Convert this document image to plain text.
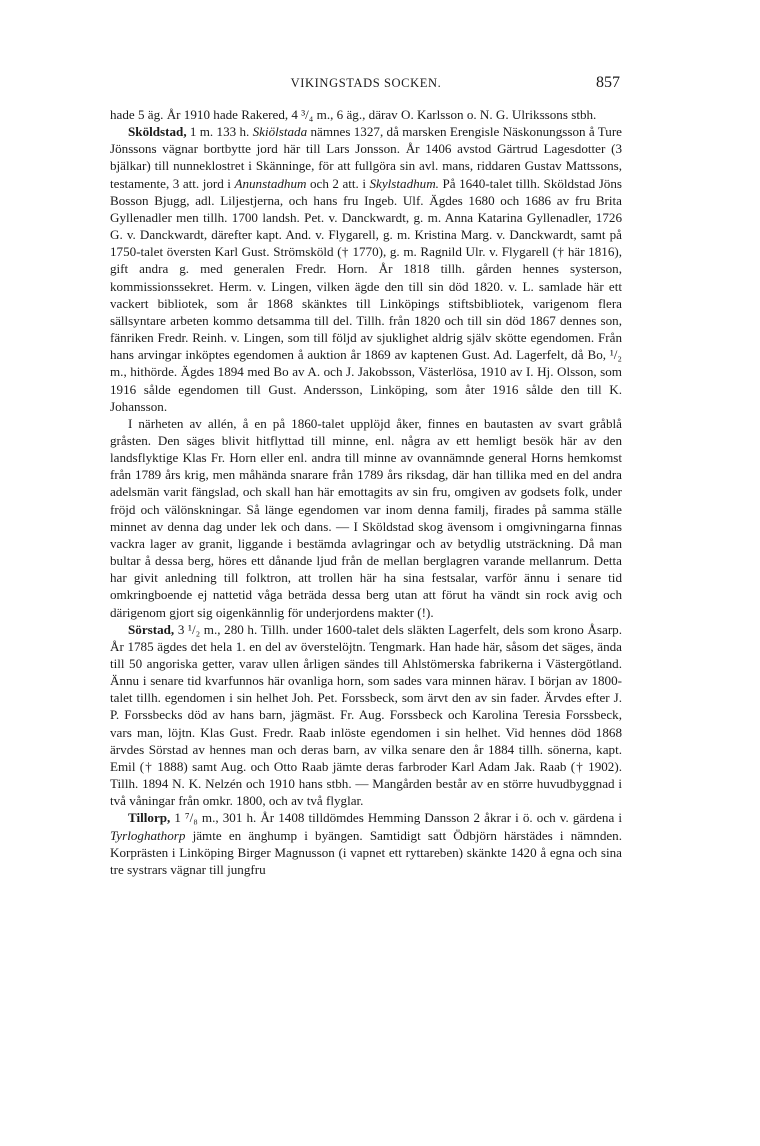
VIKINGSTADS SOCKEN.	857

hade 5 äg. År 1910 hade Rakered, 4 ³/₄ m., 6 äg., därav O. Karlsson o. N. G. Ulrikssons stbh.

Sköldstad, 1 m. 133 h. Skiölstada nämnes 1327, då marsken Erengisle Näskonungsson å Ture Jönssons vägnar bortbytte jord här till Lars Jonsson. År 1406 avstod Gärtrud Lagesdotter (3 bjälkar) till nunneklostret i Skänninge, för att fullgöra sin avl. mans, riddaren Gustav Mattssons, testamente, 3 att. jord i Anunstadhum och 2 att. i Skylstadhum. På 1640-talet tillh. Sköldstad Jöns Bosson Bjugg, adl. Liljestjerna, och hans fru Ingeb. Ulf. Ägdes 1680 och 1686 av fru Brita Gyllenadler men tillh. 1700 landsh. Pet. v. Danckwardt, g. m. Anna Katarina Gyllenadler, 1726 G. v. Danckwardt, därefter kapt. And. v. Flygarell, g. m. Kristina Marg. v. Danckwardt, samt på 1750-talet översten Karl Gust. Strömsköld († 1770), g. m. Ragnild Ulr. v. Flygarell († här 1816), gift andra g. med generalen Fredr. Horn. År 1818 tillh. gården hennes systerson, kommissionssekret. Herm. v. Lingen, vilken ägde den till sin död 1820. v. L. samlade här ett vackert bibliotek, som år 1868 skänktes till Linköpings stiftsbibliotek, varigenom flera sällsyntare arbeten kommo detsamma till del. Tillh. från 1820 och till sin död 1867 dennes son, fänriken Fredr. Reinh. v. Lingen, som till följd av sjuklighet aldrig själv skötte egendomen. Från hans arvingar inköptes egendomen å auktion år 1869 av kaptenen Gust. Ad. Lagerfelt, då Bo, ¹/₂ m., hithörde. Ägdes 1894 med Bo av A. och J. Jakobsson, Västerlösa, 1910 av I. Hj. Olsson, som 1916 sålde egendomen till Gust. Andersson, Linköping, som åter 1916 sålde den till K. Johansson.

I närheten av allén, å en på 1860-talet upplöjd åker, finnes en bautasten av svart gråblå gråsten. Den säges blivit hitflyttad till minne, enl. några av ett hemligt besök här av den landsflyktige Klas Fr. Horn eller enl. andra till minne av ovannämnde general Horns hemkomst från 1789 års krig, men måhända snarare från 1789 års riksdag, där han tillika med en del andra adelsmän varit fängslad, och skall han här emottagits av sin fru, omgiven av godsets folk, under fröjd och välönskningar. Så länge egendomen var inom denna familj, firades på samma ställe minnet av denna dag under lek och dans. — I Sköldstad skog ävensom i omgivningarna finnas vackra lager av granit, liggande i bestämda avlagringar och av betydlig utsträckning. Då man bultar å dessa berg, höres ett dånande ljud från de mellan berglagren varande mellanrum. Detta har givit anledning till folktron, att trollen här ha sina festsalar, varför ännu i senare tid omkringboende ej nattetid våga beträda dessa berg utan att förut ha vändt sin rock avig och därigenom gjort sig oigenkännlig för underjordens makter (!).

Sörstad, 3 ¹/₂ m., 280 h. Tillh. under 1600-talet dels släkten Lagerfelt, dels som krono Åsarp. År 1785 ägdes det hela 1. en del av överstelöjtn. Tengmark. Han hade här, såsom det säges, ända till 50 angoriska getter, varav ullen årligen sändes till Ahlstömerska fabrikerna i Västergötland. Ännu i senare tid kvarfunnos här ovanliga horn, som sades vara minnen härav. I början av 1800-talet tillh. egendomen i sin helhet Joh. Pet. Forssbeck, som ärvt den av sin fader. Ärvdes efter J. P. Forssbecks död av hans barn, jägmäst. Fr. Aug. Forssbeck och Karolina Teresia Forssbeck, vars man, löjtn. Klas Gust. Fredr. Raab inlöste egendomen i sin helhet. Vid hennes död 1868 ärvdes Sörstad av hennes man och deras barn, av vilka senare den år 1884 tillh. sönerna, kapt. Emil († 1888) samt Aug. och Otto Raab jämte deras farbroder Karl Adam Jak. Raab († 1902). Tillh. 1894 N. K. Nelzén och 1910 hans stbh. — Mangården består av en större huvudbyggnad i två våningar från omkr. 1800, och av två flyglar.

Tillorp, 1 ⁷/₈ m., 301 h. År 1408 tilldömdes Hemming Dansson 2 åkrar i ö. och v. gärdena i Tyrloghathorp jämte en änghump i byängen. Samtidigt satt Ödbjörn härstädes i nämnden. Korprästen i Linköping Birger Magnusson (i vapnet ett ryttareben) skänkte 1420 å egna och sina tre systrars vägnar till jungfru
